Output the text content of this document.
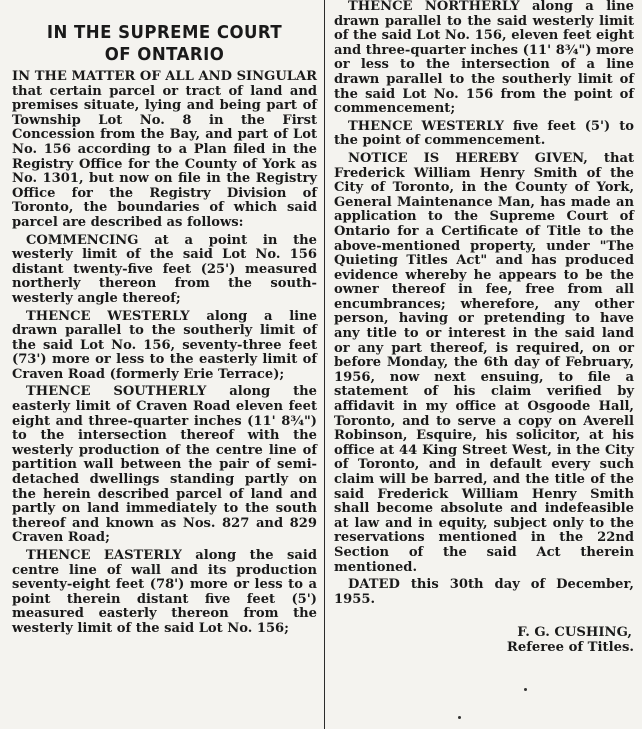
IN THE SUPREME COURT
OF ONTARIO

IN THE MATTER OF ALL AND SINGULAR that certain parcel or tract of land and premises situate, lying and being part of Township Lot No. 8 in the First Concession from the Bay, and part of Lot No. 156 according to a Plan filed in the Registry Office for the County of York as No. 1301, but now on file in the Registry Office for the Registry Division of Toronto, the boundaries of which said parcel are described as follows:

COMMENCING at a point in the westerly limit of the said Lot No. 156 distant twenty-five feet (25') measured northerly thereon from the south-westerly angle thereof;

THENCE WESTERLY along a line drawn parallel to the southerly limit of the said Lot No. 156, seventy-three feet (73') more or less to the easterly limit of Craven Road (formerly Erie Terrace);

THENCE SOUTHERLY along the easterly limit of Craven Road eleven feet eight and three-quarter inches (11' 8¾") to the intersection thereof with the westerly production of the centre line of partition wall between the pair of semi-detached dwellings standing partly on the herein described parcel of land and partly on land immediately to the south thereof and known as Nos. 827 and 829 Craven Road;

THENCE EASTERLY along the said centre line of wall and its production seventy-eight feet (78') more or less to a point therein distant five feet (5') measured easterly thereon from the westerly limit of the said Lot No. 156;

THENCE NORTHERLY along a line drawn parallel to the said westerly limit of the said Lot No. 156, eleven feet eight and three-quarter inches (11' 8¾") more or less to the intersection of a line drawn parallel to the southerly limit of the said Lot No. 156 from the point of commencement;

THENCE WESTERLY five feet (5') to the point of commencement.

NOTICE IS HEREBY GIVEN, that Frederick William Henry Smith of the City of Toronto, in the County of York, General Maintenance Man, has made an application to the Supreme Court of Ontario for a Certificate of Title to the above-mentioned property, under "The Quieting Titles Act" and has produced evidence whereby he appears to be the owner thereof in fee, free from all encumbrances; wherefore, any other person, having or pretending to have any title to or interest in the said land or any part thereof, is required, on or before Monday, the 6th day of February, 1956, now next ensuing, to file a statement of his claim verified by affidavit in my office at Osgoode Hall, Toronto, and to serve a copy on Averell Robinson, Esquire, his solicitor, at his office at 44 King Street West, in the City of Toronto, and in default every such claim will be barred, and the title of the said Frederick William Henry Smith shall become absolute and indefeasible at law and in equity, subject only to the reservations mentioned in the 22nd Section of the said Act therein mentioned.

DATED this 30th day of December, 1955.

F. G. CUSHING,

Referee of Titles.
